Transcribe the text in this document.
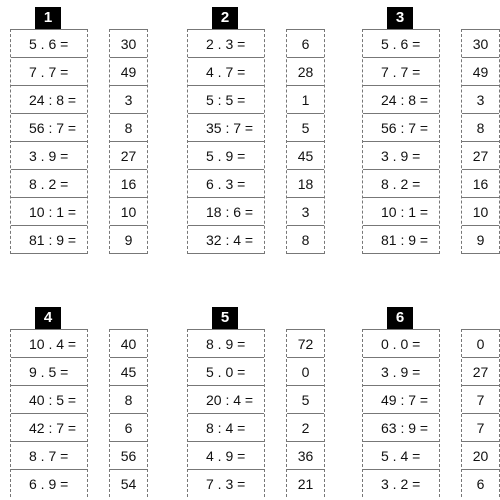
1
5 . 6 =
7 . 7 =
24 : 8 =
56 : 7 =
3 . 9 =
8 . 2 =
10 : 1 =
81 : 9 =
30
49
3
8
27
16
10
9
2
2 . 3 =
4 . 7 =
5 : 5 =
35 : 7 =
5 . 9 =
6 . 3 =
18 : 6 =
32 : 4 =
6
28
1
5
45
18
3
8
3
5 . 6 =
7 . 7 =
24 : 8 =
56 : 7 =
3 . 9 =
8 . 2 =
10 : 1 =
81 : 9 =
30
49
3
8
27
16
10
9
4
10 . 4 =
9 . 5 =
40 : 5 =
42 : 7 =
8 . 7 =
6 . 9 =
40
45
8
6
56
54
5
8 . 9 =
5 . 0 =
20 : 4 =
8 : 4 =
4 . 9 =
7 . 3 =
72
0
5
2
36
21
6
0 . 0 =
3 . 9 =
49 : 7 =
63 : 9 =
5 . 4 =
3 . 2 =
0
27
7
7
20
6
